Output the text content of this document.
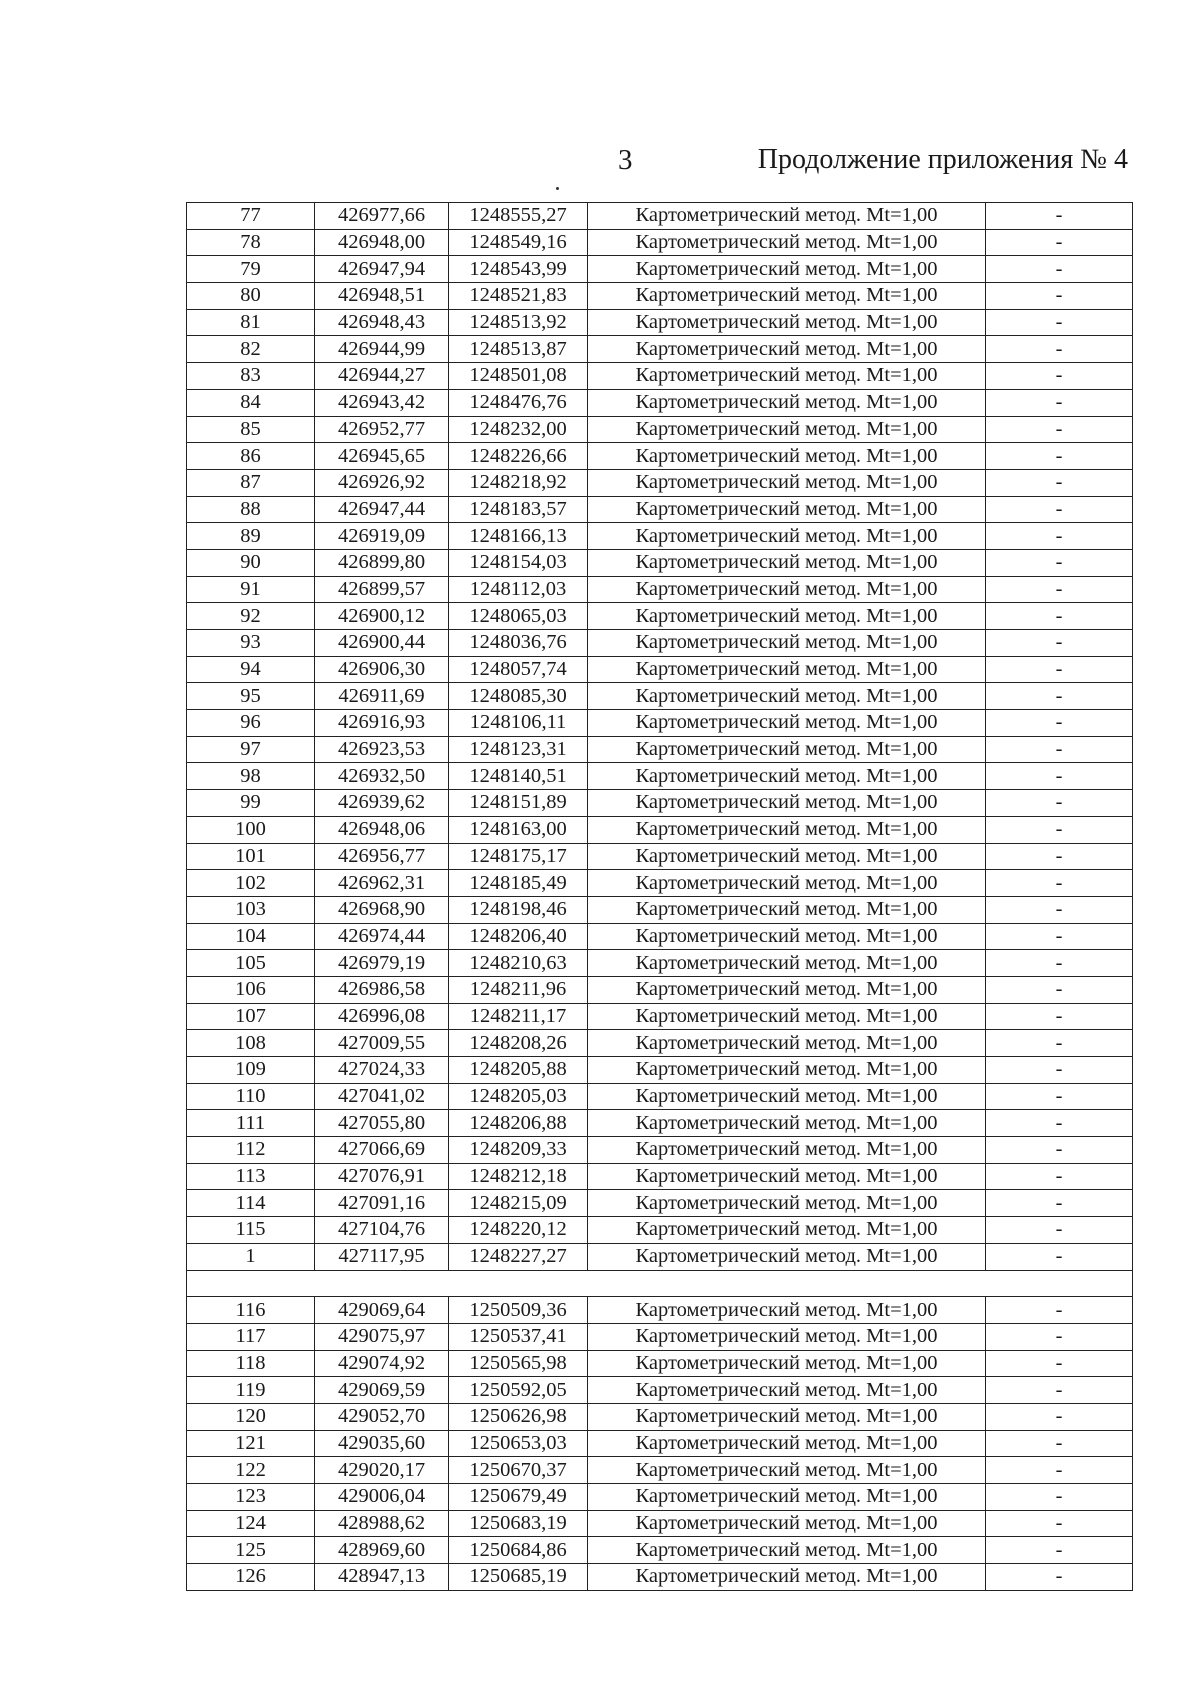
3	Продолжение приложения № 4
77	426977,66	1248555,27	Картометрический метод. Mt=1,00	-
78	426948,00	1248549,16	Картометрический метод. Mt=1,00	-
79	426947,94	1248543,99	Картометрический метод. Mt=1,00	-
80	426948,51	1248521,83	Картометрический метод. Mt=1,00	-
81	426948,43	1248513,92	Картометрический метод. Mt=1,00	-
82	426944,99	1248513,87	Картометрический метод. Mt=1,00	-
83	426944,27	1248501,08	Картометрический метод. Mt=1,00	-
84	426943,42	1248476,76	Картометрический метод. Mt=1,00	-
85	426952,77	1248232,00	Картометрический метод. Mt=1,00	-
86	426945,65	1248226,66	Картометрический метод. Mt=1,00	-
87	426926,92	1248218,92	Картометрический метод. Mt=1,00	-
88	426947,44	1248183,57	Картометрический метод. Mt=1,00	-
89	426919,09	1248166,13	Картометрический метод. Mt=1,00	-
90	426899,80	1248154,03	Картометрический метод. Mt=1,00	-
91	426899,57	1248112,03	Картометрический метод. Mt=1,00	-
92	426900,12	1248065,03	Картометрический метод. Mt=1,00	-
93	426900,44	1248036,76	Картометрический метод. Mt=1,00	-
94	426906,30	1248057,74	Картометрический метод. Mt=1,00	-
95	426911,69	1248085,30	Картометрический метод. Mt=1,00	-
96	426916,93	1248106,11	Картометрический метод. Mt=1,00	-
97	426923,53	1248123,31	Картометрический метод. Mt=1,00	-
98	426932,50	1248140,51	Картометрический метод. Mt=1,00	-
99	426939,62	1248151,89	Картометрический метод. Mt=1,00	-
100	426948,06	1248163,00	Картометрический метод. Mt=1,00	-
101	426956,77	1248175,17	Картометрический метод. Mt=1,00	-
102	426962,31	1248185,49	Картометрический метод. Mt=1,00	-
103	426968,90	1248198,46	Картометрический метод. Mt=1,00	-
104	426974,44	1248206,40	Картометрический метод. Mt=1,00	-
105	426979,19	1248210,63	Картометрический метод. Mt=1,00	-
106	426986,58	1248211,96	Картометрический метод. Mt=1,00	-
107	426996,08	1248211,17	Картометрический метод. Mt=1,00	-
108	427009,55	1248208,26	Картометрический метод. Mt=1,00	-
109	427024,33	1248205,88	Картометрический метод. Mt=1,00	-
110	427041,02	1248205,03	Картометрический метод. Mt=1,00	-
111	427055,80	1248206,88	Картометрический метод. Mt=1,00	-
112	427066,69	1248209,33	Картометрический метод. Mt=1,00	-
113	427076,91	1248212,18	Картометрический метод. Mt=1,00	-
114	427091,16	1248215,09	Картометрический метод. Mt=1,00	-
115	427104,76	1248220,12	Картометрический метод. Mt=1,00	-
1	427117,95	1248227,27	Картометрический метод. Mt=1,00	-

116	429069,64	1250509,36	Картометрический метод. Mt=1,00	-
117	429075,97	1250537,41	Картометрический метод. Mt=1,00	-
118	429074,92	1250565,98	Картометрический метод. Mt=1,00	-
119	429069,59	1250592,05	Картометрический метод. Mt=1,00	-
120	429052,70	1250626,98	Картометрический метод. Mt=1,00	-
121	429035,60	1250653,03	Картометрический метод. Mt=1,00	-
122	429020,17	1250670,37	Картометрический метод. Mt=1,00	-
123	429006,04	1250679,49	Картометрический метод. Mt=1,00	-
124	428988,62	1250683,19	Картометрический метод. Mt=1,00	-
125	428969,60	1250684,86	Картометрический метод. Mt=1,00	-
126	428947,13	1250685,19	Картометрический метод. Mt=1,00	-
